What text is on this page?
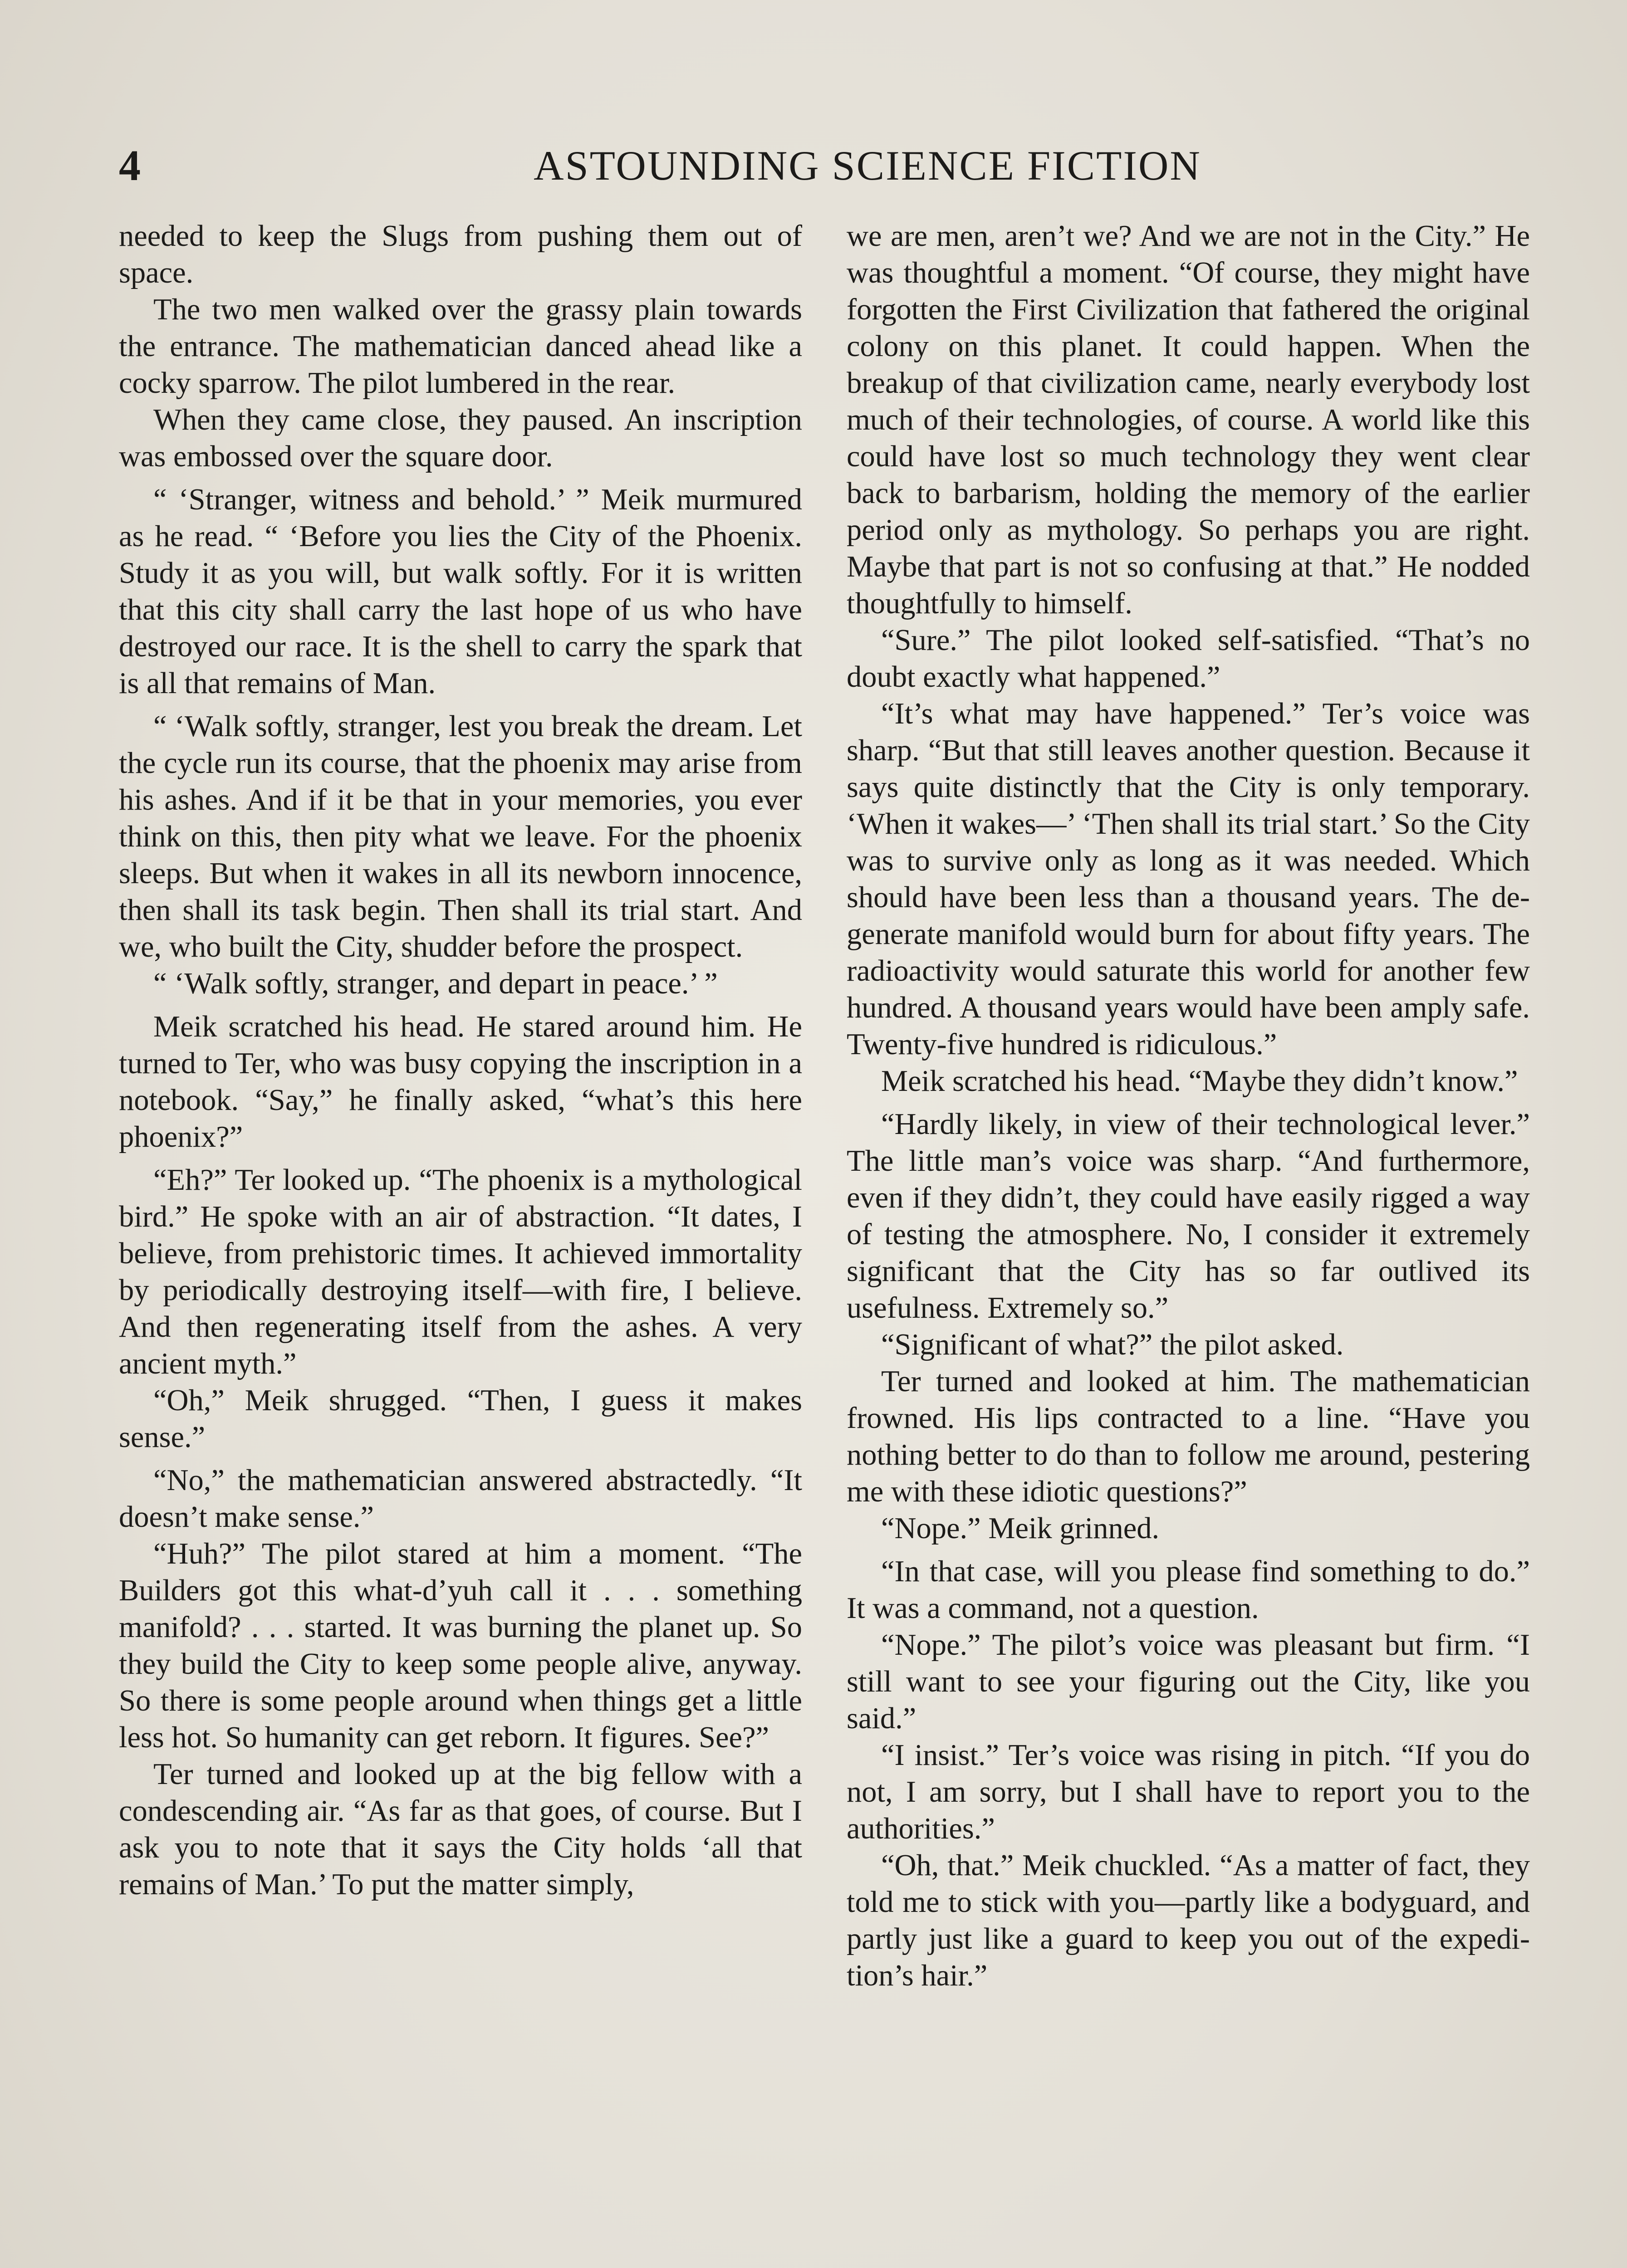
4	ASTOUNDING SCIENCE FICTION

needed to keep the Slugs from pushing them out of space.

The two men walked over the grassy plain towards the entrance. The mathematician danced ahead like a cocky sparrow. The pilot lumbered in the rear.

When they came close, they paused. An inscription was embossed over the square door.

“ ‘Stranger, witness and behold.’ ” Meik murmured as he read. “ ‘Before you lies the City of the Phoenix. Study it as you will, but walk softly. For it is written that this city shall carry the last hope of us who have destroyed our race. It is the shell to carry the spark that is all that remains of Man.

“ ‘Walk softly, stranger, lest you break the dream. Let the cycle run its course, that the phoenix may arise from his ashes. And if it be that in your memories, you ever think on this, then pity what we leave. For the phoenix sleeps. But when it wakes in all its newborn innocence, then shall its task begin. Then shall its trial start. And we, who built the City, shudder before the prospect.

“ ‘Walk softly, stranger, and depart in peace.’ ”

Meik scratched his head. He stared around him. He turned to Ter, who was busy copying the inscription in a notebook. “Say,” he finally asked, “what’s this here phoenix?”

“Eh?” Ter looked up. “The phoenix is a mythological bird.” He spoke with an air of abstraction. “It dates, I believe, from prehistoric times. It achieved immortality by periodically destroying itself—with fire, I believe. And then regenerating itself from the ashes. A very ancient myth.”

“Oh,” Meik shrugged. “Then, I guess it makes sense.”

“No,” the mathematician answered abstractedly. “It doesn’t make sense.”

“Huh?” The pilot stared at him a moment. “The Builders got this what-d’yuh call it . . . something manifold? . . . started. It was burning the planet up. So they build the City to keep some people alive, anyway. So there is some people around when things get a little less hot. So humanity can get reborn. It figures. See?”

Ter turned and looked up at the big fellow with a condescending air. “As far as that goes, of course. But I ask you to note that it says the City holds ‘all that remains of Man.’ To put the matter simply,

we are men, aren’t we? And we are not in the City.” He was thoughtful a moment. “Of course, they might have forgotten the First Civilization that fathered the original colony on this planet. It could happen. When the breakup of that civilization came, nearly everybody lost much of their technologies, of course. A world like this could have lost so much technology they went clear back to barbarism, holding the memory of the earlier period only as mythology. So perhaps you are right. Maybe that part is not so confusing at that.” He nodded thoughtfully to himself.

“Sure.” The pilot looked self-satisfied. “That’s no doubt exactly what happened.”

“It’s what may have happened.” Ter’s voice was sharp. “But that still leaves another question. Because it says quite distinctly that the City is only temporary. ‘When it wakes—’ ‘Then shall its trial start.’ So the City was to survive only as long as it was needed. Which should have been less than a thousand years. The degenerate manifold would burn for about fifty years. The radioactivity would saturate this world for another few hundred. A thousand years would have been amply safe. Twenty-five hundred is ridiculous.”

Meik scratched his head. “Maybe they didn’t know.”

“Hardly likely, in view of their technological lever.” The little man’s voice was sharp. “And furthermore, even if they didn’t, they could have easily rigged a way of testing the atmosphere. No, I consider it extremely significant that the City has so far outlived its usefulness. Extremely so.”

“Significant of what?” the pilot asked.

Ter turned and looked at him. The mathematician frowned. His lips contracted to a line. “Have you nothing better to do than to follow me around, pestering me with these idiotic questions?”

“Nope.” Meik grinned.

“In that case, will you please find something to do.” It was a command, not a question.

“Nope.” The pilot’s voice was pleasant but firm. “I still want to see your figuring out the City, like you said.”

“I insist.” Ter’s voice was rising in pitch. “If you do not, I am sorry, but I shall have to report you to the authorities.”

“Oh, that.” Meik chuckled. “As a matter of fact, they told me to stick with you—partly like a bodyguard, and partly just like a guard to keep you out of the expedition’s hair.”
